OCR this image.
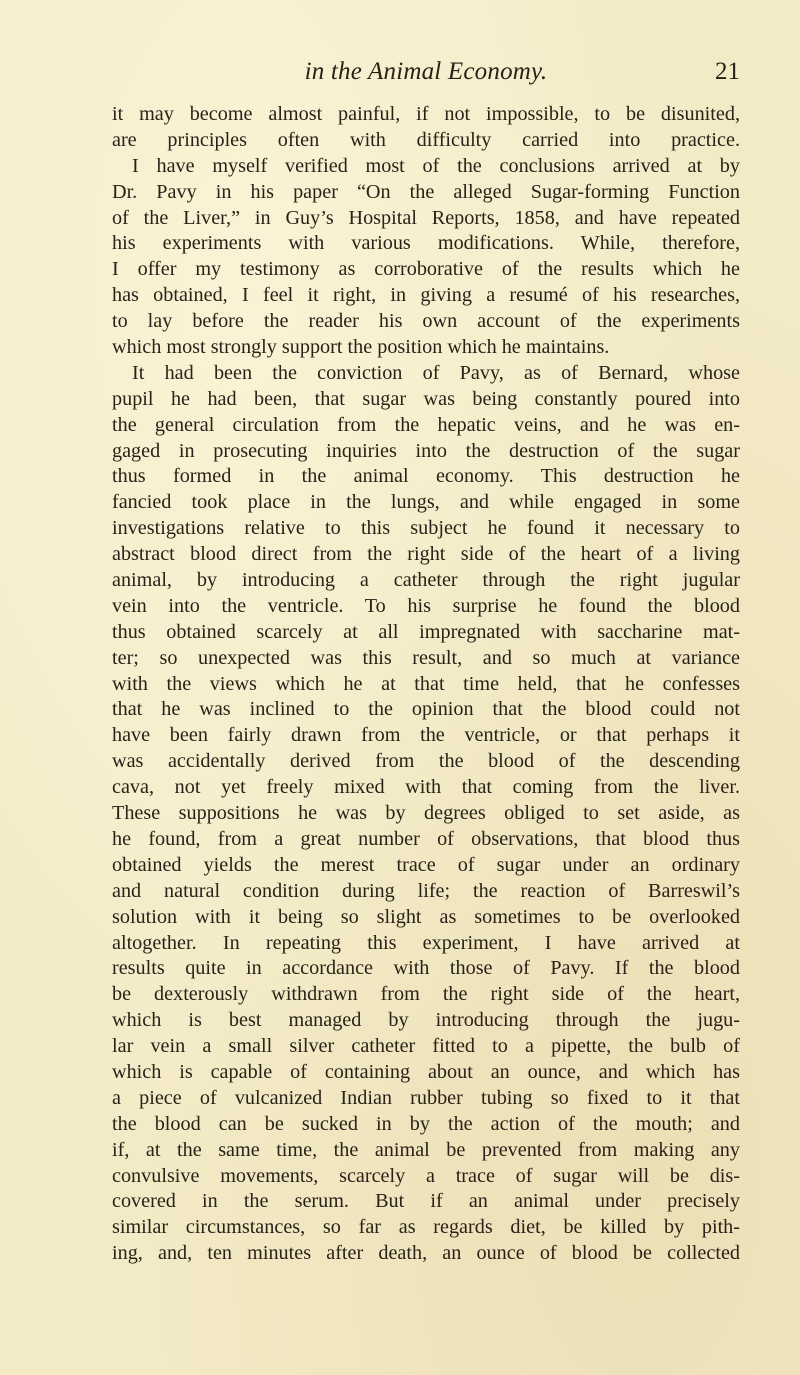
in the Animal Economy.	21
it may become almost painful, if not impossible, to be disunited,
are principles often with difficulty carried into practice.
I have myself verified most of the conclusions arrived at by
Dr. Pavy in his paper “On the alleged Sugar-forming Function
of the Liver,” in Guy’s Hospital Reports, 1858, and have repeated
his experiments with various modifications. While, therefore,
I offer my testimony as corroborative of the results which he
has obtained, I feel it right, in giving a resumé of his researches,
to lay before the reader his own account of the experiments
which most strongly support the position which he maintains.
It had been the conviction of Pavy, as of Bernard, whose
pupil he had been, that sugar was being constantly poured into
the general circulation from the hepatic veins, and he was en-
gaged in prosecuting inquiries into the destruction of the sugar
thus formed in the animal economy. This destruction he
fancied took place in the lungs, and while engaged in some
investigations relative to this subject he found it necessary to
abstract blood direct from the right side of the heart of a living
animal, by introducing a catheter through the right jugular
vein into the ventricle. To his surprise he found the blood
thus obtained scarcely at all impregnated with saccharine mat-
ter; so unexpected was this result, and so much at variance
with the views which he at that time held, that he confesses
that he was inclined to the opinion that the blood could not
have been fairly drawn from the ventricle, or that perhaps it
was accidentally derived from the blood of the descending
cava, not yet freely mixed with that coming from the liver.
These suppositions he was by degrees obliged to set aside, as
he found, from a great number of observations, that blood thus
obtained yields the merest trace of sugar under an ordinary
and natural condition during life; the reaction of Barreswil’s
solution with it being so slight as sometimes to be overlooked
altogether. In repeating this experiment, I have arrived at
results quite in accordance with those of Pavy. If the blood
be dexterously withdrawn from the right side of the heart,
which is best managed by introducing through the jugu-
lar vein a small silver catheter fitted to a pipette, the bulb of
which is capable of containing about an ounce, and which has
a piece of vulcanized Indian rubber tubing so fixed to it that
the blood can be sucked in by the action of the mouth; and
if, at the same time, the animal be prevented from making any
convulsive movements, scarcely a trace of sugar will be dis-
covered in the serum. But if an animal under precisely
similar circumstances, so far as regards diet, be killed by pith-
ing, and, ten minutes after death, an ounce of blood be collected
